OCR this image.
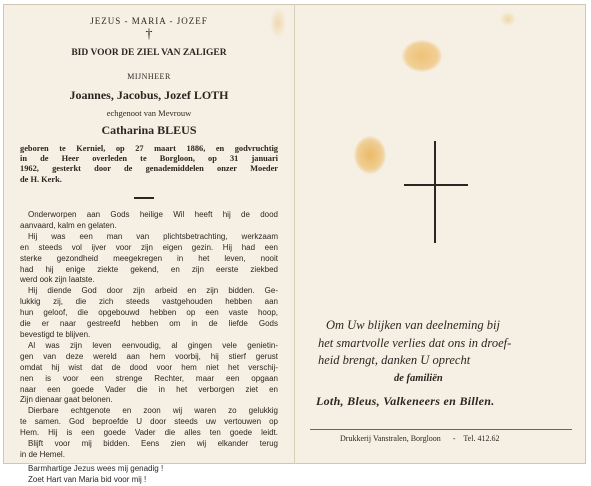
JEZUS - MARIA - JOZEF
†
BID VOOR DE ZIEL VAN ZALIGER
MIJNHEER
Joannes, Jacobus, Jozef LOTH
echgenoot van Mevrouw
Catharina BLEUS
geboren te Kerniel, op 27 maart 1886, en godvruchtig
in de Heer overleden te Borgloon, op 31 januari
1962, gesterkt door de genademiddelen onzer Moeder
de H. Kerk.
Onderworpen aan Gods heilige Wil heeft hij de dood
aanvaard, kalm en gelaten.
Hij was een man van plichtsbetrachting, werkzaam
en steeds vol ijver voor zijn eigen gezin. Hij had een
sterke gezondheid meegekregen in het leven, nooit
had hij enige ziekte gekend, en zijn eerste ziekbed
werd ook zijn laatste.
Hij diende God door zijn arbeid en zijn bidden. Ge-
lukkig zij, die zich steeds vastgehouden hebben aan
hun geloof, die opgebouwd hebben op een vaste hoop,
die er naar gestreefd hebben om in de liefde Gods
bevestigd te blijven.
Al was zijn leven eenvoudig, al gingen vele genietin-
gen van deze wereld aan hem voorbij, hij stierf gerust
omdat hij wist dat de dood voor hem niet het verschij-
nen is voor een strenge Rechter, maar een opgaan
naar een goede Vader die in het verborgen ziet en
Zijn dienaar gaat belonen.
Dierbare echtgenote en zoon wij waren zo gelukkig
te samen. God beproefde U door steeds uw vertouwen op
Hem. Hij is een goede Vader die alles ten goede leidt.
Blijft voor mij bidden. Eens zien wij elkander terug
in de Hemel.
Barmhartige Jezus wees mij genadig !
Zoet Hart van Maria bid voor mij !
Om Uw blijken van deelneming bij
het smartvolle verlies dat ons in droef-
heid brengt, danken U oprecht
de familiën
Loth, Bleus, Valkeneers en Billen.
Drukkerij Vanstralen, Borgloon - Tel. 412.62
